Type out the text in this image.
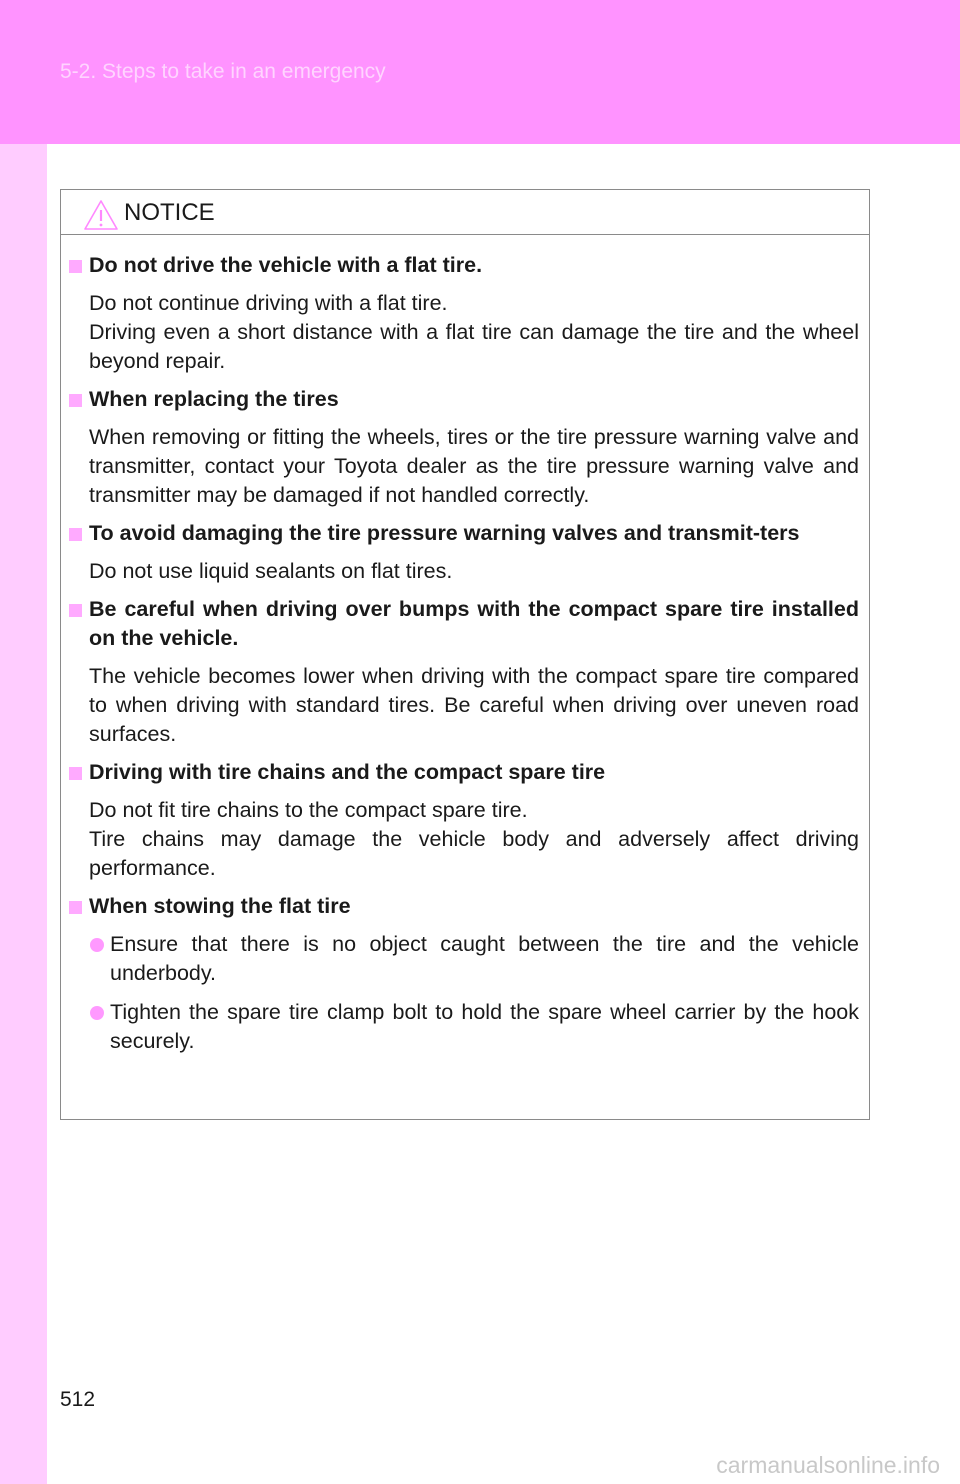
5-2. Steps to take in an emergency
NOTICE
Do not drive the vehicle with a flat tire.
Do not continue driving with a flat tire.
Driving even a short distance with a flat tire can damage the tire and the wheel beyond repair.
When replacing the tires
When removing or fitting the wheels, tires or the tire pressure warning valve and transmitter, contact your Toyota dealer as the tire pressure warning valve and transmitter may be damaged if not handled correctly.
To avoid damaging the tire pressure warning valves and transmit-ters
Do not use liquid sealants on flat tires.
Be careful when driving over bumps with the compact spare tire installed on the vehicle.
The vehicle becomes lower when driving with the compact spare tire compared to when driving with standard tires. Be careful when driving over uneven road surfaces.
Driving with tire chains and the compact spare tire
Do not fit tire chains to the compact spare tire.
Tire chains may damage the vehicle body and adversely affect driving performance.
When stowing the flat tire
Ensure that there is no object caught between the tire and the vehicle underbody.
Tighten the spare tire clamp bolt to hold the spare wheel carrier by the hook securely.
512
carmanualsonline.info
